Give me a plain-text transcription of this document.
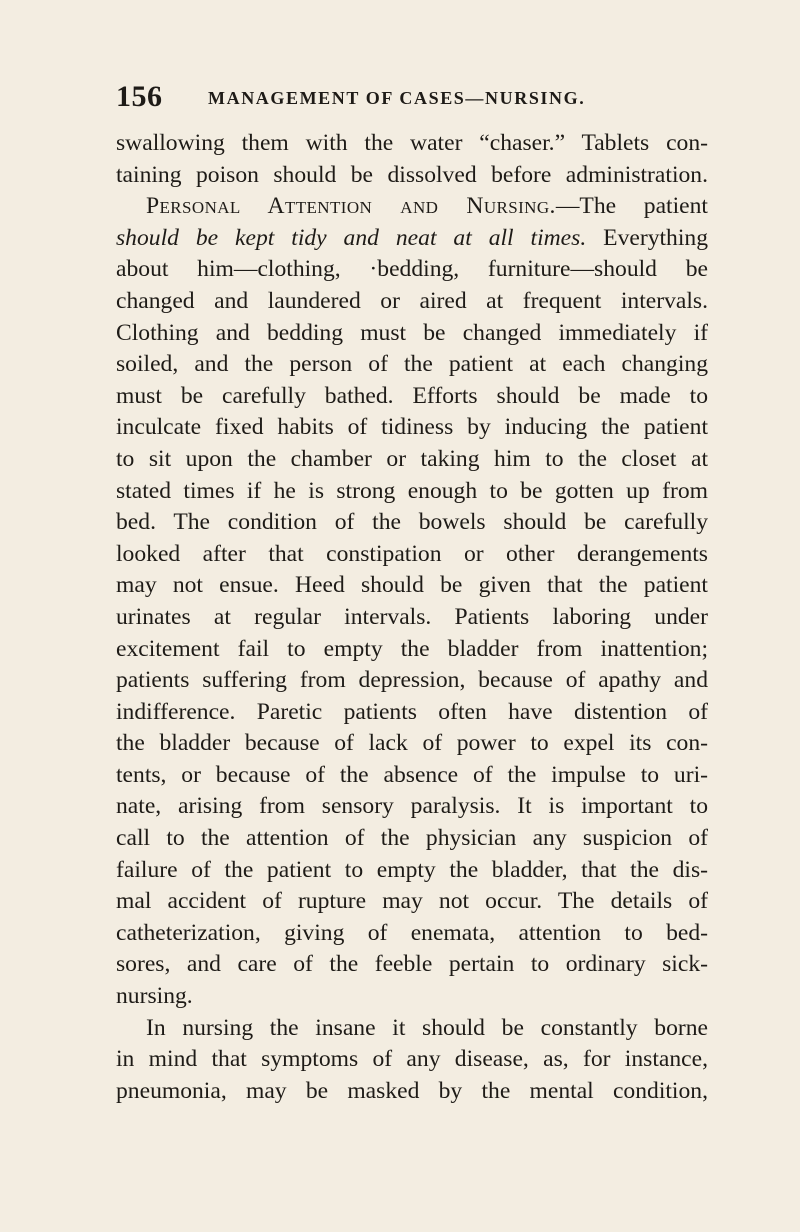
156	MANAGEMENT OF CASES—NURSING.
swallowing them with the water “chaser.” Tablets con-
taining poison should be dissolved before administration.
Personal Attention and Nursing.—The patient
should be kept tidy and neat at all times. Everything
about him—clothing, ·bedding, furniture—should be
changed and laundered or aired at frequent intervals.
Clothing and bedding must be changed immediately if
soiled, and the person of the patient at each changing
must be carefully bathed. Efforts should be made to
inculcate fixed habits of tidiness by inducing the patient
to sit upon the chamber or taking him to the closet at
stated times if he is strong enough to be gotten up from
bed. The condition of the bowels should be carefully
looked after that constipation or other derangements
may not ensue. Heed should be given that the patient
urinates at regular intervals. Patients laboring under
excitement fail to empty the bladder from inattention;
patients suffering from depression, because of apathy and
indifference. Paretic patients often have distention of
the bladder because of lack of power to expel its con-
tents, or because of the absence of the impulse to uri-
nate, arising from sensory paralysis. It is important to
call to the attention of the physician any suspicion of
failure of the patient to empty the bladder, that the dis-
mal accident of rupture may not occur. The details of
catheterization, giving of enemata, attention to bed-
sores, and care of the feeble pertain to ordinary sick-
nursing.
In nursing the insane it should be constantly borne
in mind that symptoms of any disease, as, for instance,
pneumonia, may be masked by the mental condition,
